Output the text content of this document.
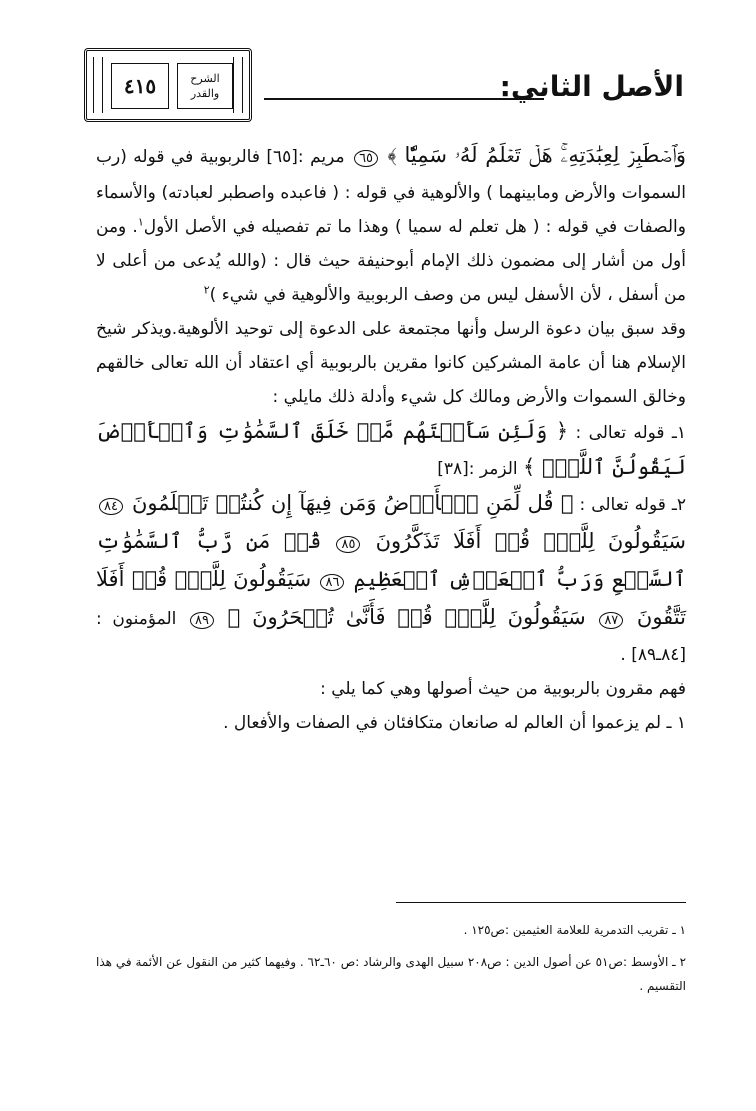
٤١٥	الشرح
والقدر	الأصل الثاني:

وَٱصۡطَبِرۡ لِعِبَٰدَتِهِۦۚ هَلۡ تَعۡلَمُ لَهُۥ سَمِيّٗا ﴾ ٦٥ مريم :[٦٥] فالربوبية في قوله (رب السموات والأرض ومابينهما ) والألوهية في قوله : ( فاعبده واصطبر لعبادته) والأسماء والصفات في قوله : ( هل تعلم له سميا ) وهذا ما تم تفصيله في الأصل الأول$^١$. ومن أول من أشار إلى مضمون ذلك الإمام أبوحنيفة حيث قال : (والله يُدعى من أعلى لا من أسفل ، لأن الأسفل ليس من وصف الربوبية والألوهية في شيء )$^٢$

وقد سبق بيان دعوة الرسل وأنها مجتمعة على الدعوة إلى توحيد الألوهية.ويذكر شيخ الإسلام هنا أن عامة المشركين كانوا مقرين بالربوبية أي اعتقاد أن الله تعالى خالقهم وخالق السموات والأرض ومالك كل شيء وأدلة ذلك مايلي :

١ـ قوله تعالى : ﴿ وَلَئِن سَأَلۡتَهُم مَّنۡ خَلَقَ ٱلسَّمَٰوَٰتِ وَٱلۡأَرۡضَ لَيَقُولُنَّ ٱللَّهُۚ ﴾ الزمر :[٣٨]

٢ـ قوله تعالى : ﴿ قُل لِّمَنِ ٱلۡأَرۡضُ وَمَن فِيهَآ إِن كُنتُمۡ تَعۡلَمُونَ ٨٤ سَيَقُولُونَ لِلَّهِۚ قُلۡ أَفَلَا تَذَكَّرُونَ ٨٥ قُلۡ مَن رَّبُّ ٱلسَّمَٰوَٰتِ ٱلسَّبۡعِ وَرَبُّ ٱلۡعَرۡشِ ٱلۡعَظِيمِ ٨٦ سَيَقُولُونَ لِلَّهِۚ قُلۡ أَفَلَا تَتَّقُونَ ٨٧ سَيَقُولُونَ لِلَّهِۚ قُلۡ فَأَنَّىٰ تُسۡحَرُونَ ﴾ ٨٩ المؤمنون :[٨٤ـ٨٩] .

فهم مقرون بالربوبية من حيث أصولها وهي كما يلي :

١ ـ لم يزعموا أن العالم له صانعان متكافئان في الصفات والأفعال .

١ ـ تقريب التدمرية للعلامة العثيمين :ص١٢٥ .

٢ ـ الأوسط :ص٥١ عن أصول الدين : ص٢٠٨ سبيل الهدى والرشاد :ص ٦٠ـ٦٢ . وفيهما كثير من النقول عن الأئمة في هذا التقسيم .
